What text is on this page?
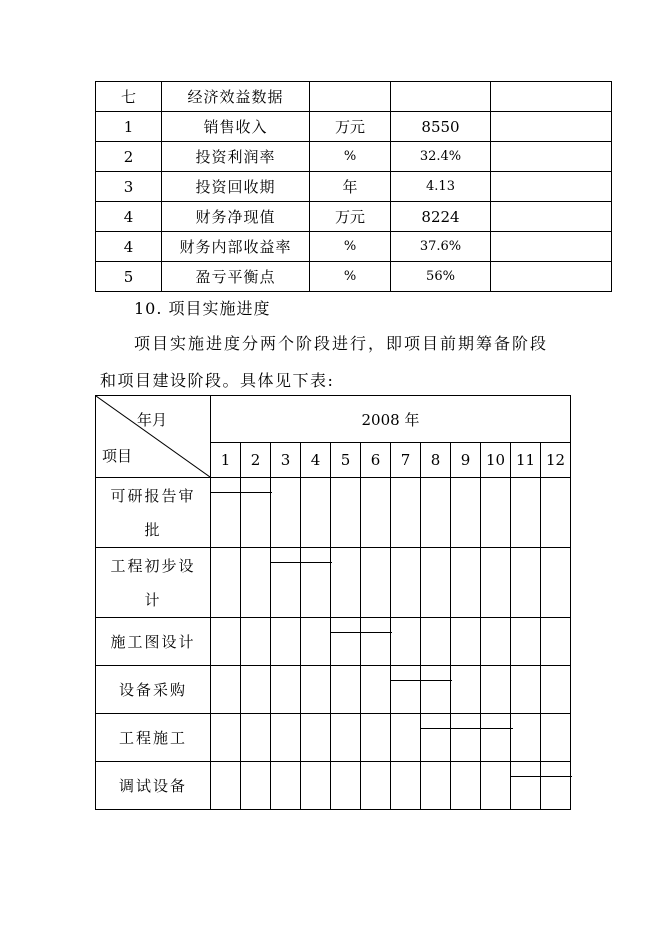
七	经济效益数据			
1	销售收入	万元	8550	
2	投资利润率	%	32.4%	
3	投资回收期	年	4.13	
4	财务净现值	万元	8224	
4	财务内部收益率	%	37.6%	
5	盈亏平衡点	%	56%	
10. 项目实施进度
项目实施进度分两个阶段进行，即项目前期筹备阶段
和项目建设阶段。具体见下表:
年月
项目	2008 年											
	1	2	3	4	5	6	7	8	9	10	11	12

可研报告审
批												

工程初步设
计												

施工图设计												

设备采购												

工程施工												

调试设备												
